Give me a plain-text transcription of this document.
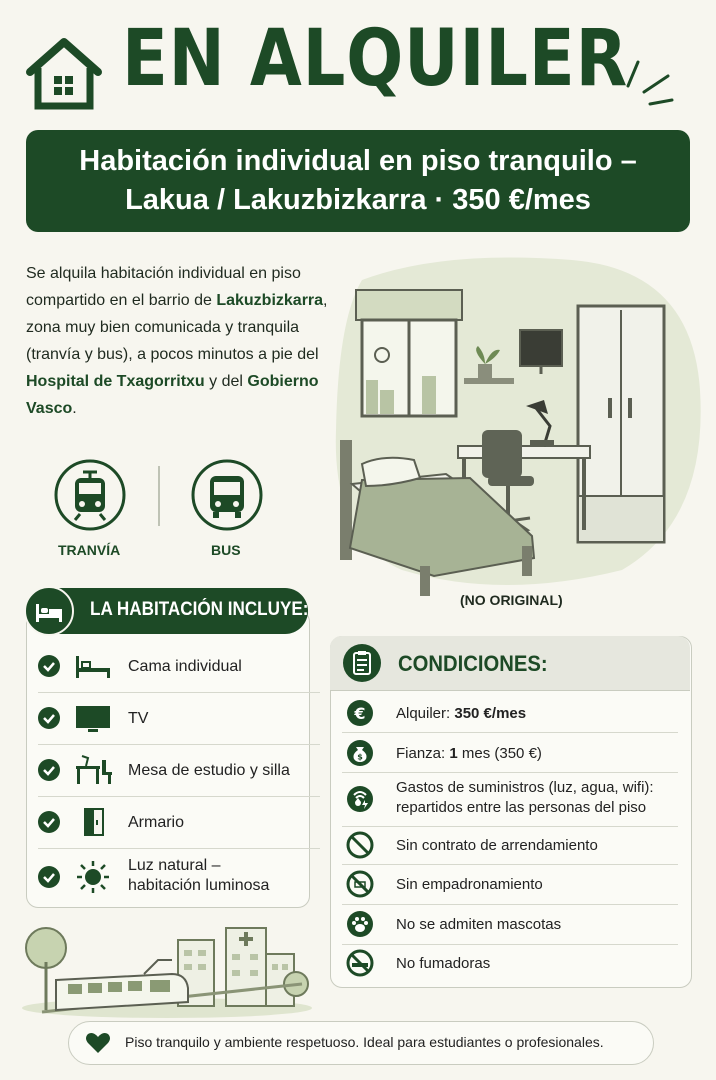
EN ALQUILER
Habitación individual en piso tranquilo –
Lakua / Lakuzbizkarra · 350 €/mes
Se alquila habitación individual en piso compartido en el barrio de Lakuzbizkarra, zona muy bien comunicada y tranquila (tranvía y bus), a pocos minutos a pie del Hospital de Txagorritxu y del Gobierno Vasco.
TRANVÍA	BUS
(NO ORIGINAL)
LA HABITACIÓN INCLUYE:
Cama individual
TV
Mesa de estudio y silla
Armario
Luz natural –
habitación luminosa
CONDICIONES:
€ Alquiler: 350 €/mes
$ Fianza: 1 mes (350 €)
Gastos de suministros (luz, agua, wifi):
repartidos entre las personas del piso
Sin contrato de arrendamiento
Sin empadronamiento
No se admiten mascotas
No fumadoras
Piso tranquilo y ambiente respetuoso. Ideal para estudiantes o profesionales.
